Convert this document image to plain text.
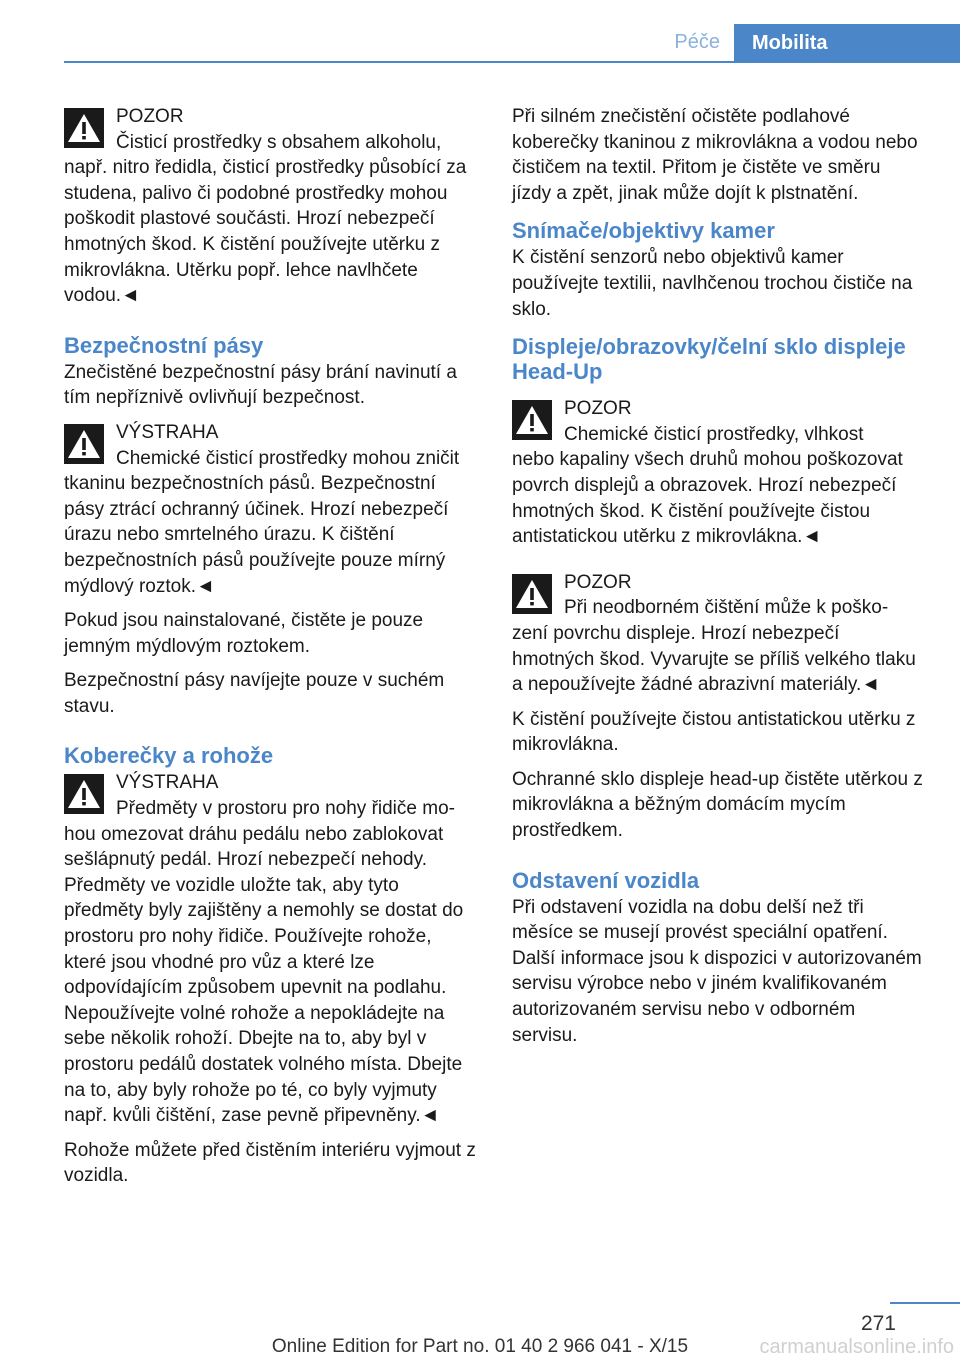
Péče	Mobilita
POZOR
Čisticí prostředky s obsahem alkoholu,
např. nitro ředidla, čisticí prostředky působící za studena, palivo či podobné prostředky mohou poškodit plastové součásti. Hrozí nebezpečí hmotných škod. K čistění používejte utěrku z mikrovlákna. Utěrku popř. lehce navlhčete vodou.◄
Bezpečnostní pásy
Znečistěné bezpečnostní pásy brání navinutí a tím nepříznivě ovlivňují bezpečnost.
VÝSTRAHA
Chemické čisticí prostředky mohou zničit
tkaninu bezpečnostních pásů. Bezpečnostní pásy ztrácí ochranný účinek. Hrozí nebezpečí úrazu nebo smrtelného úrazu. K čištění bezpečnostních pásů používejte pouze mírný mýdlový roztok.◄
Pokud jsou nainstalované, čistěte je pouze jemným mýdlovým roztokem.
Bezpečnostní pásy navíjejte pouze v suchém stavu.
Koberečky a rohože
VÝSTRAHA
Předměty v prostoru pro nohy řidiče mo-
hou omezovat dráhu pedálu nebo zablokovat sešlápnutý pedál. Hrozí nebezpečí nehody. Předměty ve vozidle uložte tak, aby tyto předměty byly zajištěny a nemohly se dostat do prostoru pro nohy řidiče. Používejte rohože, které jsou vhodné pro vůz a které lze odpovídajícím způsobem upevnit na podlahu. Nepoužívejte volné rohože a nepokládejte na sebe několik rohoží. Dbejte na to, aby byl v prostoru pedálů dostatek volného místa. Dbejte na to, aby byly rohože po té, co byly vyjmuty např. kvůli čištění, zase pevně připevněny.◄
Rohože můžete před čistěním interiéru vyjmout z vozidla.
Při silném znečistění očistěte podlahové koberečky tkaninou z mikrovlákna a vodou nebo čističem na textil. Přitom je čistěte ve směru jízdy a zpět, jinak může dojít k plstnatění.
Snímače/objektivy kamer
K čistění senzorů nebo objektivů kamer používejte textilii, navlhčenou trochou čističe na sklo.
Displeje/obrazovky/čelní sklo displeje Head-Up
POZOR
Chemické čisticí prostředky, vlhkost
nebo kapaliny všech druhů mohou poškozovat povrch displejů a obrazovek. Hrozí nebezpečí hmotných škod. K čistění používejte čistou antistatickou utěrku z mikrovlákna.◄
POZOR
Při neodborném čištění může k poško-
zení povrchu displeje. Hrozí nebezpečí hmotných škod. Vyvarujte se příliš velkého tlaku a nepoužívejte žádné abrazivní materiály.◄
K čistění používejte čistou antistatickou utěrku z mikrovlákna.
Ochranné sklo displeje head-up čistěte utěrkou z mikrovlákna a běžným domácím mycím prostředkem.
Odstavení vozidla
Při odstavení vozidla na dobu delší než tři měsíce se musejí provést speciální opatření. Další informace jsou k dispozici v autorizovaném servisu výrobce nebo v jiném kvalifikovaném autorizovaném servisu nebo v odborném servisu.
271
Online Edition for Part no. 01 40 2 966 041 - X/15	carmanualsonline.info
